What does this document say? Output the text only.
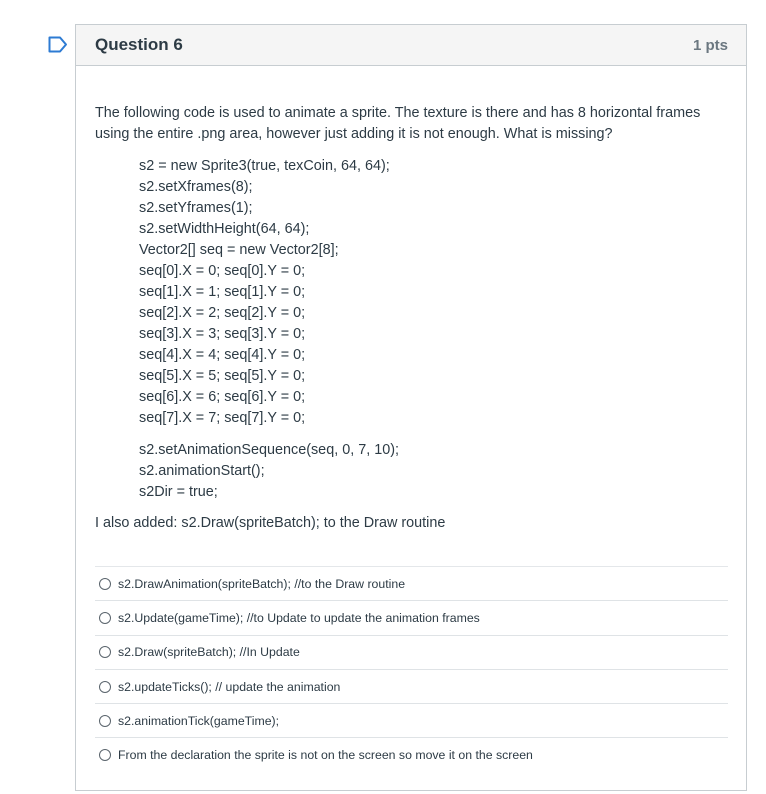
Question 6	1 pts

The following code is used to animate a sprite. The texture is there and has 8 horizontal frames using the entire .png area, however just adding it is not enough. What is missing?

s2 = new Sprite3(true, texCoin, 64, 64);
s2.setXframes(8);
s2.setYframes(1);
s2.setWidthHeight(64, 64);
Vector2[] seq = new Vector2[8];
seq[0].X = 0; seq[0].Y = 0;
seq[1].X = 1; seq[1].Y = 0;
seq[2].X = 2; seq[2].Y = 0;
seq[3].X = 3; seq[3].Y = 0;
seq[4].X = 4; seq[4].Y = 0;
seq[5].X = 5; seq[5].Y = 0;
seq[6].X = 6; seq[6].Y = 0;
seq[7].X = 7; seq[7].Y = 0;
s2.setAnimationSequence(seq, 0, 7, 10);
s2.animationStart();
s2Dir = true;

I also added: s2.Draw(spriteBatch); to the Draw routine

s2.DrawAnimation(spriteBatch); //to the Draw routine
s2.Update(gameTime); //to Update to update the animation frames
s2.Draw(spriteBatch); //In Update
s2.updateTicks(); // update the animation
s2.animationTick(gameTime);
From the declaration the sprite is not on the screen so move it on the screen
